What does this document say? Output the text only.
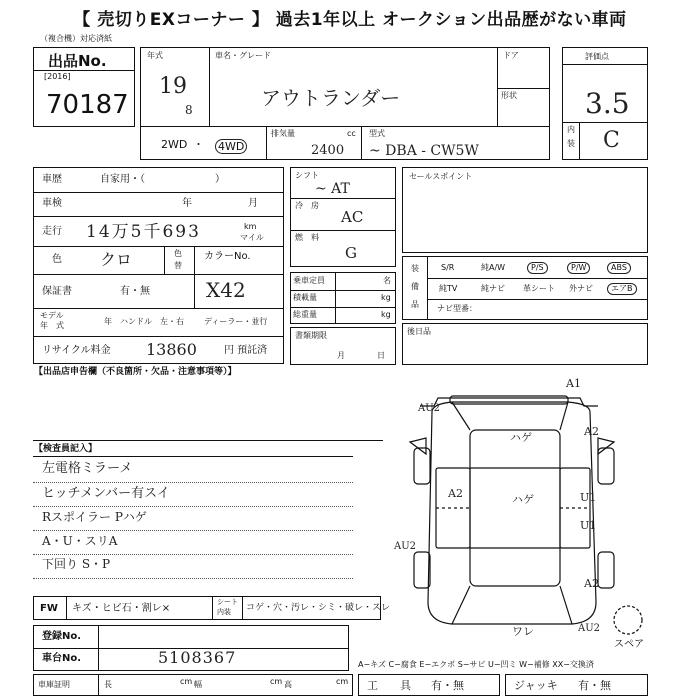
【 売切りEXコーナー 】 過去1年以上 オークション出品歴がない車両
（複合機）対応済紙
出品No.
[2016]
70187
年式
19
8
車名・グレード
アウトランダー
ドア
形状
2WD ・ 4WD
排気量	cc
2400
型式
~ DBA - CW5W
評価点
3.5
内
装 C
車歴	自家用・（　　　　　　　）
車検	年	月
走行 14万5千693	km
マイル
色 クロ	色
替
カラーNo.
X42
保証書	有・無
モデル
年　式	年 ハンドル　左・右	ディーラー・並行
リサイクル料金 13860	円 預託済
シフト
~ AT
冷　房
AC
燃　料
G
乗車定員	名
積載量	kg
総重量	kg
書類期限
月	日
セールスポイント
装
備
品
S/R	純A/W	P/S	P/W	ABS
純TV	純ナビ 革シート 外ナビ	エアB
ナビ型番：
後日品
【出品店申告欄（不良箇所・欠品・注意事項等）】
【検査員記入】
左電格ミラーメ
ヒッチメンバー有スイ
Rスポイラー Pハゲ
A・U・スリA
下回り S・P
A1
AU2
A2
ハゲ
A2	ハゲ	U1
U1
AU2
A2
ワレ	AU2
スペア
FW キズ・ヒビ石・割レ×
シート
内装 コゲ・穴・汚レ・シミ・破レ・スレ
登録No.
車台No.	5108367	A−キズ C−腐食 E−エクボ S−サビ U−凹ミ W−補修 XX−交換済
車庫証明	長	cm 幅	cm 高	cm 工　　具 有・無	ジャッキ 有・無
